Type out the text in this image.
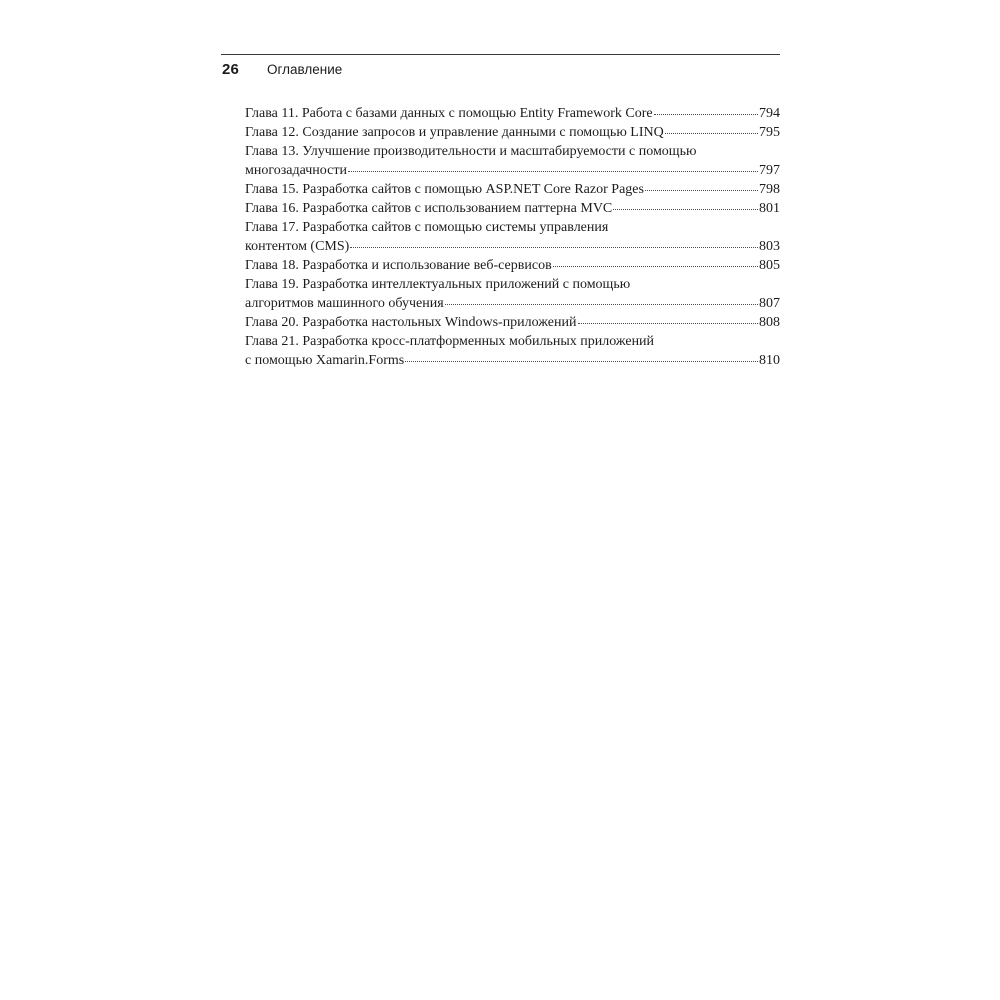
26 Оглавление
Глава 11. Работа с базами данных с помощью Entity Framework Core	794
Глава 12. Создание запросов и управление данными с помощью LINQ	795
Глава 13. Улучшение производительности и масштабируемости с помощью
многозадачности	797
Глава 15. Разработка сайтов с помощью ASP.NET Core Razor Pages	798
Глава 16. Разработка сайтов с использованием паттерна MVC	801
Глава 17. Разработка сайтов с помощью системы управления
контентом (CMS)	803
Глава 18. Разработка и использование веб-сервисов	805
Глава 19. Разработка интеллектуальных приложений с помощью
алгоритмов машинного обучения	807
Глава 20. Разработка настольных Windows-приложений	808
Глава 21. Разработка кросс-платформенных мобильных приложений
с помощью Xamarin.Forms	810
